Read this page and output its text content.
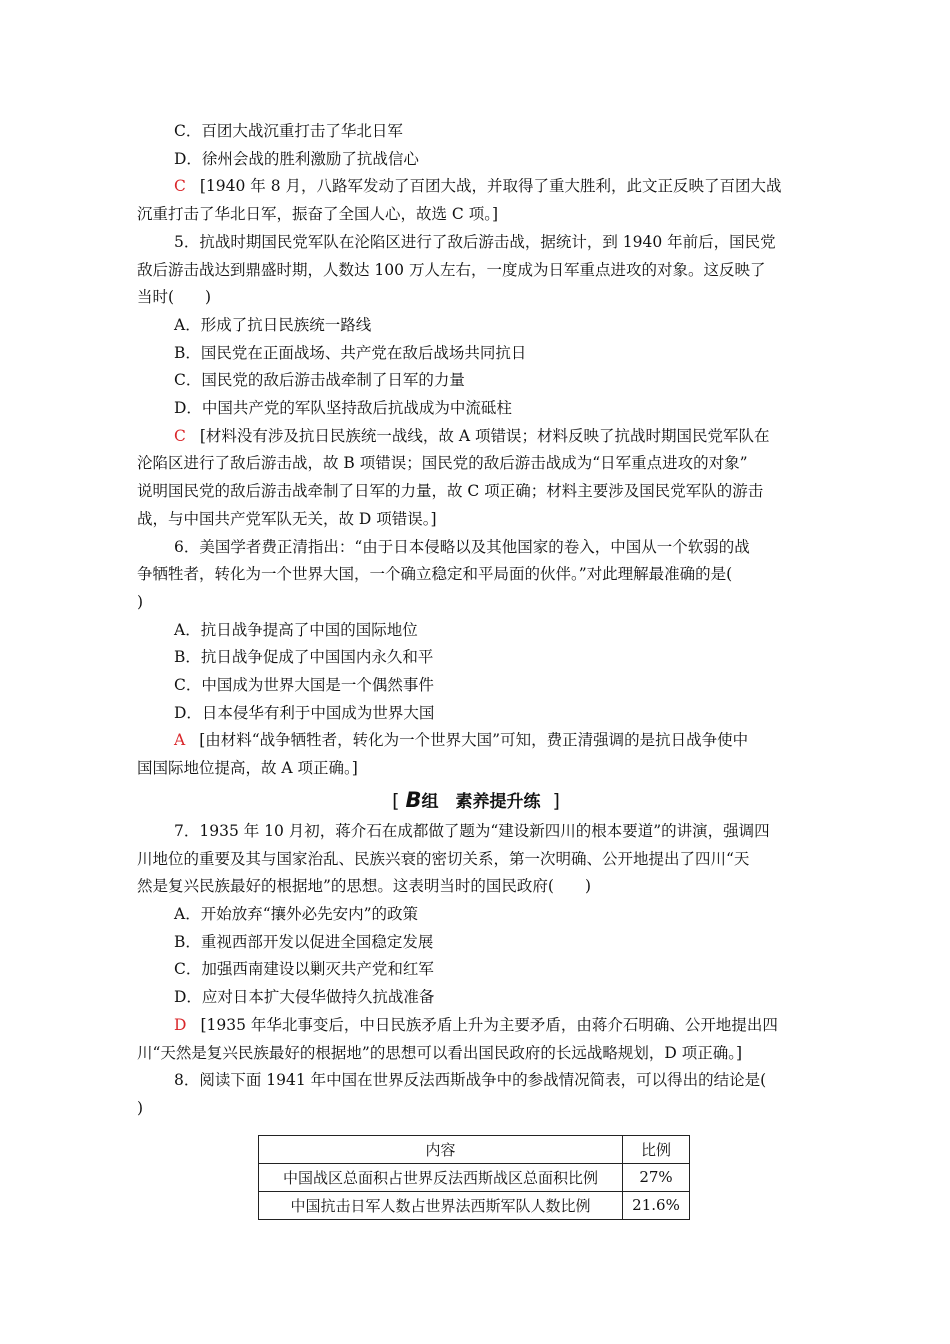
C．百团大战沉重打击了华北日军
D．徐州会战的胜利激励了抗战信心
C [1940 年 8 月，八路军发动了百团大战，并取得了重大胜利，此文正反映了百团大战
沉重打击了华北日军，振奋了全国人心，故选 C 项。]
5．抗战时期国民党军队在沦陷区进行了敌后游击战，据统计，到 1940 年前后，国民党
敌后游击战达到鼎盛时期，人数达 100 万人左右，一度成为日军重点进攻的对象。这反映了
当时(　　)
A．形成了抗日民族统一路线
B．国民党在正面战场、共产党在敌后战场共同抗日
C．国民党的敌后游击战牵制了日军的力量
D．中国共产党的军队坚持敌后抗战成为中流砥柱
C [材料没有涉及抗日民族统一战线，故 A 项错误；材料反映了抗战时期国民党军队在
沦陷区进行了敌后游击战，故 B 项错误；国民党的敌后游击战成为“日军重点进攻的对象”
说明国民党的敌后游击战牵制了日军的力量，故 C 项正确；材料主要涉及国民党军队的游击
战，与中国共产党军队无关，故 D 项错误。]
6．美国学者费正清指出：“由于日本侵略以及其他国家的卷入，中国从一个软弱的战
争牺牲者，转化为一个世界大国，一个确立稳定和平局面的伙伴。”对此理解最准确的是(
)
A．抗日战争提高了中国的国际地位
B．抗日战争促成了中国国内永久和平
C．中国成为世界大国是一个偶然事件
D．日本侵华有利于中国成为世界大国
A [由材料“战争牺牲者，转化为一个世界大国”可知，费正清强调的是抗日战争使中
国国际地位提高，故 A 项正确。]
[ B组　素养提升练 ]
7．1935 年 10 月初，蒋介石在成都做了题为“建设新四川的根本要道”的讲演，强调四
川地位的重要及其与国家治乱、民族兴衰的密切关系，第一次明确、公开地提出了四川“天
然是复兴民族最好的根据地”的思想。这表明当时的国民政府(　　)
A．开始放弃“攘外必先安内”的政策
B．重视西部开发以促进全国稳定发展
C．加强西南建设以剿灭共产党和红军
D．应对日本扩大侵华做持久抗战准备
D [1935 年华北事变后，中日民族矛盾上升为主要矛盾，由蒋介石明确、公开地提出四
川“天然是复兴民族最好的根据地”的思想可以看出国民政府的长远战略规划，D 项正确。]
8．阅读下面 1941 年中国在世界反法西斯战争中的参战情况简表，可以得出的结论是(
)
内容	比例
中国战区总面积占世界反法西斯战区总面积比例	27%
中国抗击日军人数占世界法西斯军队人数比例	21.6%
